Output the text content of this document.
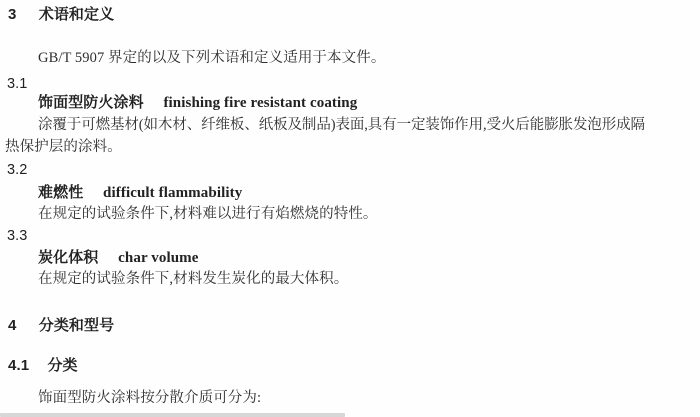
3 术语和定义
GB/T 5907 界定的以及下列术语和定义适用于本文件。
3.1
饰面型防火涂料 finishing fire resistant coating
涂覆于可燃基材(如木材、纤维板、纸板及制品)表面,具有一定装饰作用,受火后能膨胀发泡形成隔
热保护层的涂料。
3.2
难燃性 difficult flammability
在规定的试验条件下,材料难以进行有焰燃烧的特性。
3.3
炭化体积 char volume
在规定的试验条件下,材料发生炭化的最大体积。
4 分类和型号
4.1 分类
饰面型防火涂料按分散介质可分为:
